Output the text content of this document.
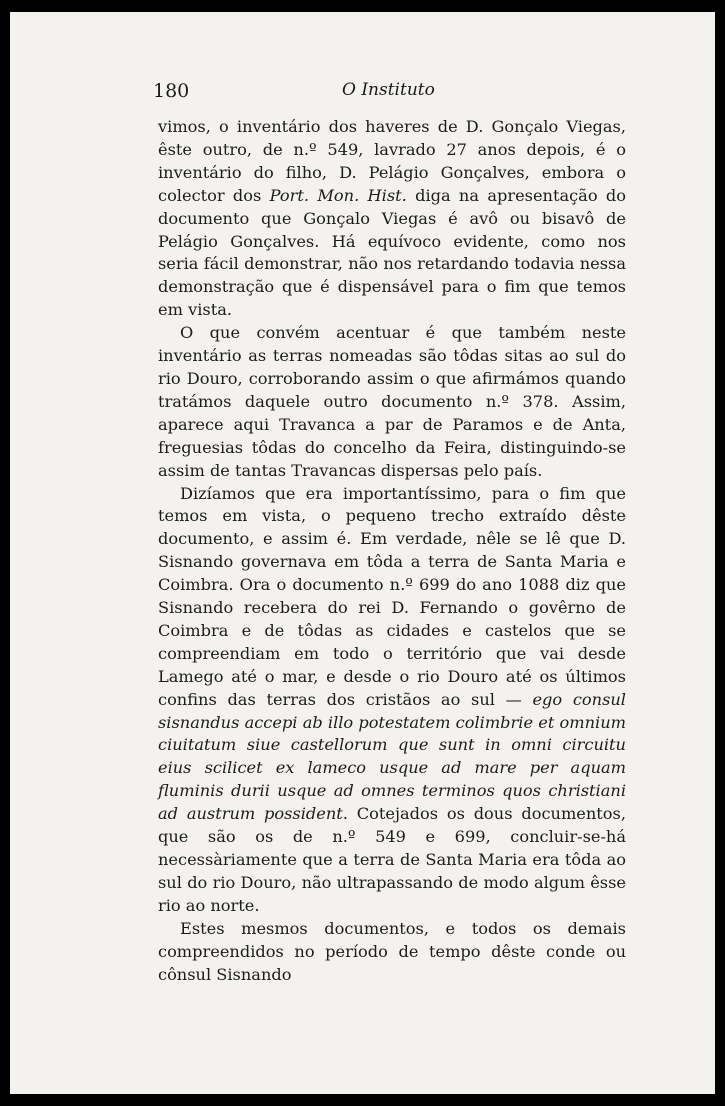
180	O Instituto

vimos, o inventário dos haveres de D. Gonçalo Viegas, êste outro, de n.º 549, lavrado 27 anos depois, é o inventário do filho, D. Pelágio Gonçalves, embora o colector dos Port. Mon. Hist. diga na apresentação do documento que Gonçalo Viegas é avô ou bisavô de Pelágio Gonçalves. Há equívoco evidente, como nos seria fácil demonstrar, não nos retardando todavia nessa demonstração que é dispensável para o fim que temos em vista.

O que convém acentuar é que também neste inventário as terras nomeadas são tôdas sitas ao sul do rio Douro, corroborando assim o que afirmámos quando tratámos daquele outro documento n.º 378. Assim, aparece aqui Travanca a par de Paramos e de Anta, freguesias tôdas do concelho da Feira, distinguindo-se assim de tantas Travancas dispersas pelo país.

Dizíamos que era importantíssimo, para o fim que temos em vista, o pequeno trecho extraído dêste documento, e assim é. Em verdade, nêle se lê que D. Sisnando governava em tôda a terra de Santa Maria e Coimbra. Ora o documento n.º 699 do ano 1088 diz que Sisnando recebera do rei D. Fernando o govêrno de Coimbra e de tôdas as cidades e castelos que se compreendiam em todo o território que vai desde Lamego até o mar, e desde o rio Douro até os últimos confins das terras dos cristãos ao sul — ego consul sisnandus accepi ab illo potestatem colimbrie et omnium ciuitatum siue castellorum que sunt in omni circuitu eius scilicet ex lameco usque ad mare per aquam fluminis durii usque ad omnes terminos quos christiani ad austrum possident. Cotejados os dous documentos, que são os de n.º 549 e 699, concluir-se-há necessàriamente que a terra de Santa Maria era tôda ao sul do rio Douro, não ultrapassando de modo algum êsse rio ao norte.

Estes mesmos documentos, e todos os demais compreendidos no período de tempo dêste conde ou cônsul Sisnando
